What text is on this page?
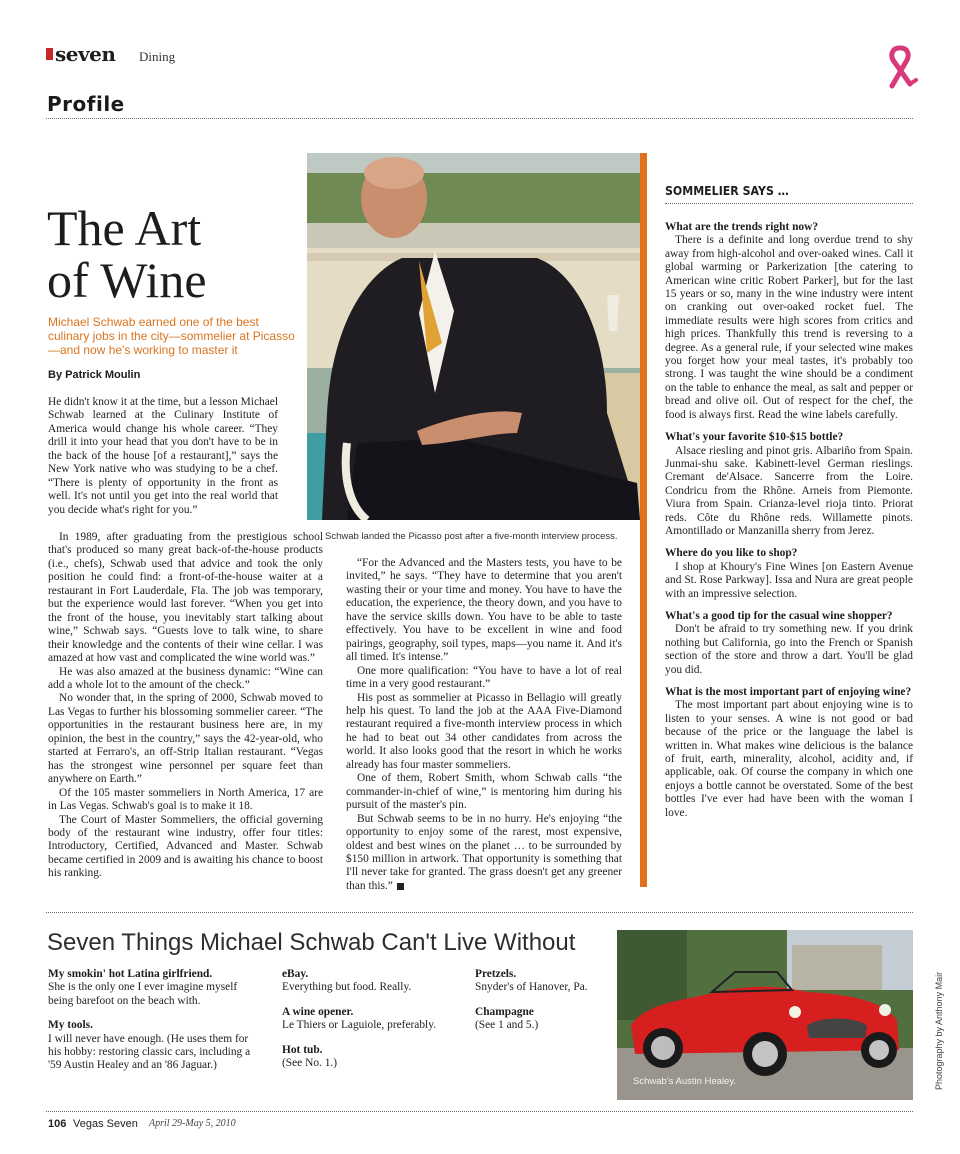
seven Dining
Profile
The Art
of Wine
Michael Schwab earned one of the best culinary jobs in the city—sommelier at Picasso—and now he's working to master it
By Patrick Moulin

He didn't know it at the time, but a lesson Michael Schwab learned at the Culinary Institute of America would change his whole career. “They drill it into your head that you don't have to be in the back of the house [of a restaurant],” says the New York native who was studying to be a chef. “There is plenty of opportunity in the front as well. It's not until you get into the real world that you decide what's right for you.”

In 1989, after graduating from the prestigious school that's produced so many great back-of-the-house products (i.e., chefs), Schwab used that advice and took the only position he could find: a front-of-the-house waiter at a restaurant in Fort Lauderdale, Fla. The job was temporary, but the experience would last forever. “When you get into the front of the house, you inevitably start talking about wine,” Schwab says. “Guests love to talk wine, to share their knowledge and the contents of their wine cellar. I was amazed at how vast and complicated the wine world was.”

He was also amazed at the business dynamic: “Wine can add a whole lot to the amount of the check.”

No wonder that, in the spring of 2000, Schwab moved to Las Vegas to further his blossoming sommelier career. “The opportunities in the restaurant business here are, in my opinion, the best in the country,” says the 42-year-old, who started at Ferraro's, an off-Strip Italian restaurant. “Vegas has the strongest wine personnel per square feet than anywhere on Earth.”

Of the 105 master sommeliers in North America, 17 are in Las Vegas. Schwab's goal is to make it 18.

The Court of Master Sommeliers, the official governing body of the restaurant wine industry, offer four titles: Introductory, Certified, Advanced and Master. Schwab became certified in 2009 and is awaiting his chance to boost his ranking.

“For the Advanced and the Masters tests, you have to be invited,” he says. “They have to determine that you aren't wasting their or your time and money. You have to have the education, the experience, the theory down, and you have to have the service skills down. You have to be able to taste effectively. You have to be excellent in wine and food pairings, geography, soil types, maps—you name it. And it's all timed. It's intense.”

One more qualification: “You have to have a lot of real time in a very good restaurant.”

His post as sommelier at Picasso in Bellagio will greatly help his quest. To land the job at the AAA Five-Diamond restaurant required a five-month interview process in which he had to beat out 34 other candidates from across the world. It also looks good that the resort in which he works already has four master sommeliers.

One of them, Robert Smith, whom Schwab calls “the commander-in-chief of wine,” is mentoring him during his pursuit of the master's pin.

But Schwab seems to be in no hurry. He's enjoying “the opportunity to enjoy some of the rarest, most expensive, oldest and best wines on the planet … to be surrounded by $150 million in artwork. That opportunity is something that I'll never take for granted. The grass doesn't get any greener than this.”

Schwab landed the Picasso post after a five-month interview process.
SOMMELIER SAYS …
What are the trends right now?
There is a definite and long overdue trend to shy away from high-alcohol and over-oaked wines. Call it global warming or Parkerization [the catering to American wine critic Robert Parker], but for the last 15 years or so, many in the wine industry were intent on cranking out over-oaked rocket fuel. The immediate results were high scores from critics and high prices. Thankfully this trend is reversing to a degree. As a general rule, if your selected wine makes you forget how your meal tastes, it's probably too strong. I was taught the wine should be a condiment on the table to enhance the meal, as salt and pepper or bread and olive oil. Out of respect for the chef, the food is always first. Read the wine labels carefully.
What's your favorite $10-$15 bottle?
Alsace riesling and pinot gris. Albariño from Spain. Junmai-shu sake. Kabinett-level German rieslings. Cremant de'Alsace. Sancerre from the Loire. Condricu from the Rhône. Arneis from Piemonte. Viura from Spain. Crianza-level rioja tinto. Priorat reds. Côte du Rhône reds. Willamette pinots. Amontillado or Manzanilla sherry from Jerez.
Where do you like to shop?
I shop at Khoury's Fine Wines [on Eastern Avenue and St. Rose Parkway]. Issa and Nura are great people with an impressive selection.
What's a good tip for the casual wine shopper?
Don't be afraid to try something new. If you drink nothing but California, go into the French or Spanish section of the store and throw a dart. You'll be glad you did.
What is the most important part of enjoying wine?
The most important part about enjoying wine is to listen to your senses. A wine is not good or bad because of the price or the language the label is written in. What makes wine delicious is the balance of fruit, earth, minerality, alcohol, acidity and, if applicable, oak. Of course the company in which one enjoys a bottle cannot be overstated. Some of the best bottles I've ever had have been with the woman I love.
Seven Things Michael Schwab Can't Live Without
My smokin' hot Latina girlfriend.
She is the only one I ever imagine myself being barefoot on the beach with.
My tools.
I will never have enough. (He uses them for his hobby: restoring classic cars, including a '59 Austin Healey and an '86 Jaguar.)
eBay.
Everything but food. Really.
A wine opener.
Le Thiers or Laguiole, preferably.
Hot tub.
(See No. 1.)
Pretzels.
Snyder's of Hanover, Pa.
Champagne
(See 1 and 5.)
Schwab's Austin Healey.	Photography by Anthony Mair
106 Vegas Seven April 29-May 5, 2010
